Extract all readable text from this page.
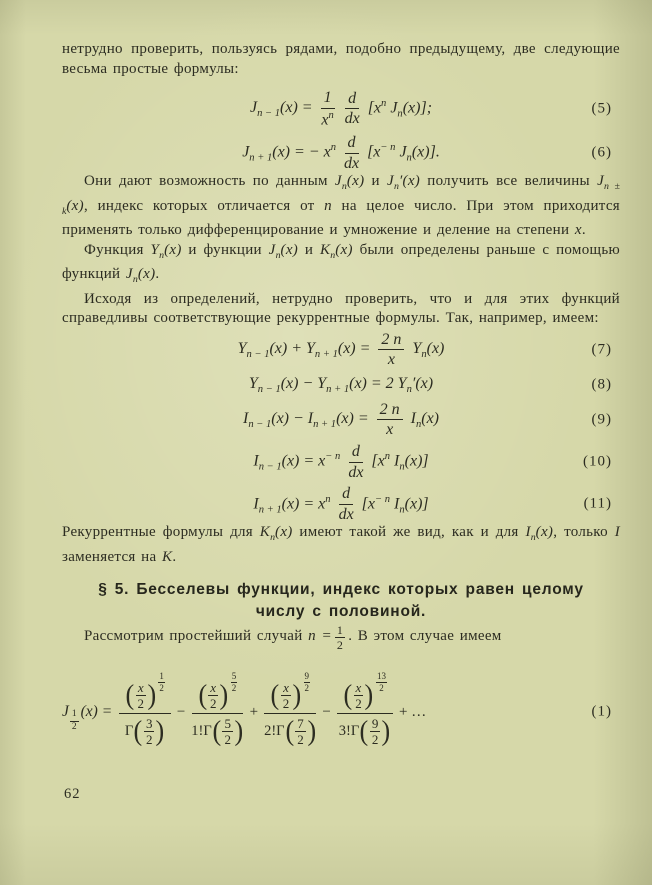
нетрудно проверить, пользуясь рядами, подобно предыдущему, две следующие весьма простые формулы:

$J_{n - 1}(x) = \frac{1}{x^n} \frac{d}{dx} [x^n$ $J_n(x)$];	(5)
$J_{n + 1}(x)$ = − $x^n \frac{d}{dx} [x^{- n}$ $J_n(x)$].	(6)

Они дают возможность по данным $J_n(x)$ и $J_n'(x)$ получить все величины $J_{n \pm k}(x)$, индекс которых отличается от n на целое число. При этом приходится применять только дифференцирование и умножение и деление на степени x.

Функция $Y_n(x)$ и функции $J_n(x)$ и $K_n(x)$ были определены раньше с помощью функций $J_n(x)$.

Исходя из определений, нетрудно проверить, что и для этих функций справедливы соответствующие рекуррентные формулы. Так, например, имеем:

$Y_{n - 1}(x) + Y_{n + 1}(x) = \frac{2 n}{x} Y_n(x)$	(7)
$Y_{n - 1}(x) - Y_{n + 1}(x) = 2$ $Y_n'(x)$	(8)
$I_{n - 1}(x) - I_{n + 1}(x) = \frac{2 n}{x} I_n(x)$	(9)
$I_{n - 1}(x) = x^{- n} \frac{d}{dx} [x^n$ $I_n(x)$]	(10)
$I_{n + 1}(x) = x^n \frac{d}{dx} [x^{- n}$ $I_n(x)$]	(11)

Рекуррентные формулы для $K_n(x)$ имеют такой же вид, как и для $I_n(x)$, только I заменяется на K.

§ 5. Бесселевы функции, индекс которых равен целому числу с половиной.

Рассмотрим простейший случай
$n = \frac{1}{2}$ . В этом случае имеем

J $\frac{1}{2} (x) = \frac{( \frac{x}{2} ) \frac{1}{2}}{\Gamma ( \frac{3}{2} )} - \frac{( \frac{x}{2} ) \frac{5}{2}}{1! \Gamma ( \frac{5}{2} )} + \frac{( \frac{x}{2} ) \frac{9}{2}}{2! \Gamma ( \frac{7}{2} )} - \frac{( \frac{x}{2} ) \frac{13}{2}}{3! \Gamma ( \frac{9}{2} )}$ + …	(1)
62
